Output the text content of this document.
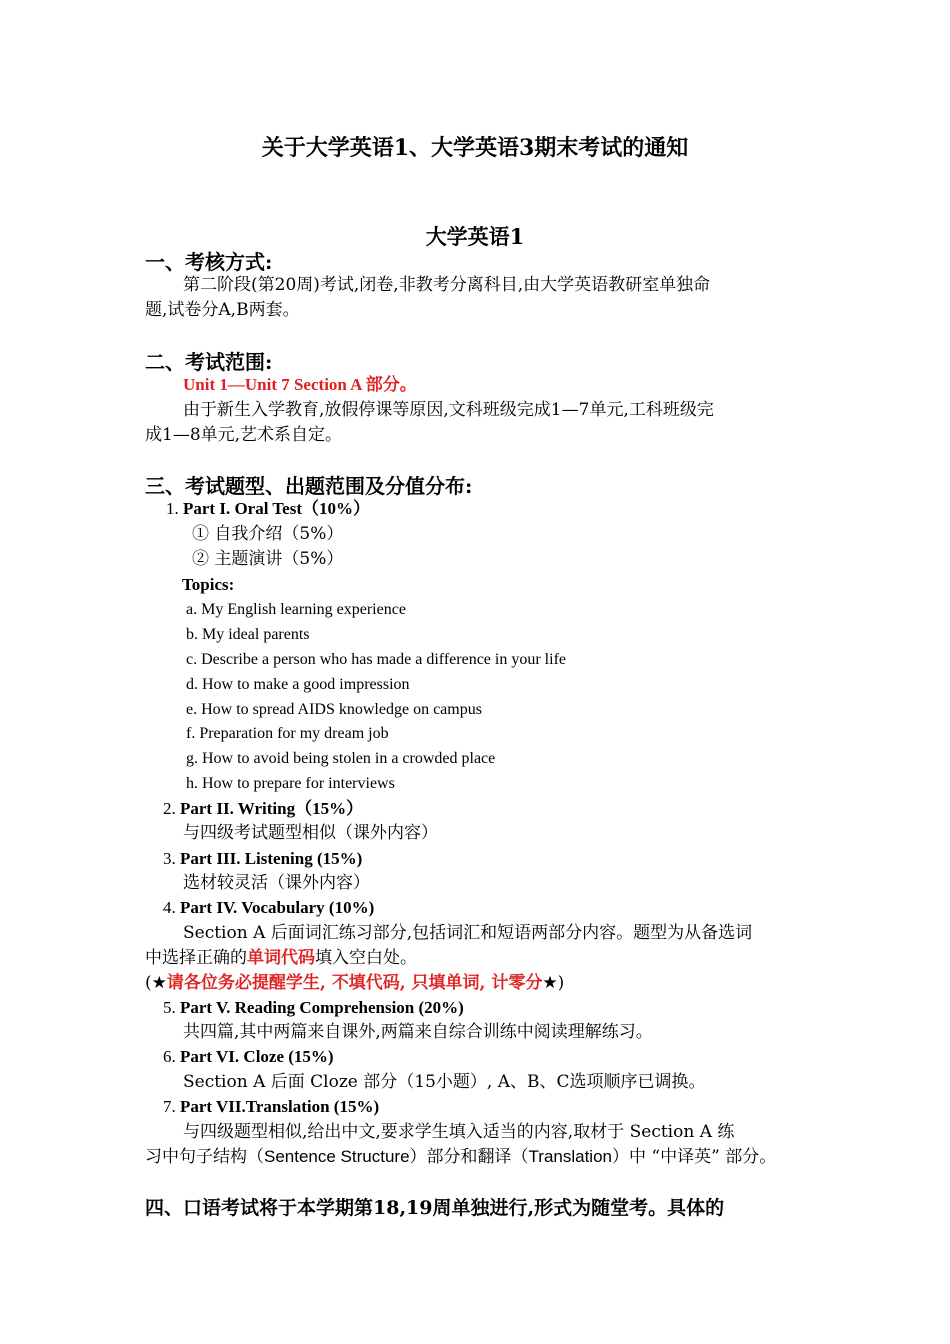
关于大学英语1、大学英语3期末考试的通知
大学英语1
一、考核方式:
第二阶段(第20周)考试,闭卷,非教考分离科目,由大学英语教研室单独命
题,试卷分A,B两套。
二、考试范围:
Unit 1—Unit 7 Section A 部分。
由于新生入学教育,放假停课等原因,文科班级完成1—7单元,工科班级完
成1—8单元,艺术系自定。
三、考试题型、出题范围及分值分布:
1. Part I. Oral Test（10%）
① 自我介绍（5%）
② 主题演讲（5%）
Topics:
a. My English learning experience
b. My ideal parents
c. Describe a person who has made a difference in your life
d. How to make a good impression
e. How to spread AIDS knowledge on campus
f. Preparation for my dream job
g. How to avoid being stolen in a crowded place
h. How to prepare for interviews
2. Part II. Writing（15%）
与四级考试题型相似（课外内容）
3. Part III. Listening (15%)
选材较灵活（课外内容）
4. Part IV. Vocabulary (10%)
Section A 后面词汇练习部分,包括词汇和短语两部分内容。题型为从备选词
中选择正确的单词代码填入空白处。
(★请各位务必提醒学生, 不填代码, 只填单词, 计零分★)
5. Part V. Reading Comprehension (20%)
共四篇,其中两篇来自课外,两篇来自综合训练中阅读理解练习。
6. Part VI. Cloze (15%)
Section A 后面 Cloze 部分（15小题）, A、B、C选项顺序已调换。
7. Part VII.Translation (15%)
与四级题型相似,给出中文,要求学生填入适当的内容,取材于 Section A 练
习中句子结构（Sentence Structure）部分和翻译（Translation）中 “中译英” 部分。
四、口语考试将于本学期第18,19周单独进行,形式为随堂考。具体的
